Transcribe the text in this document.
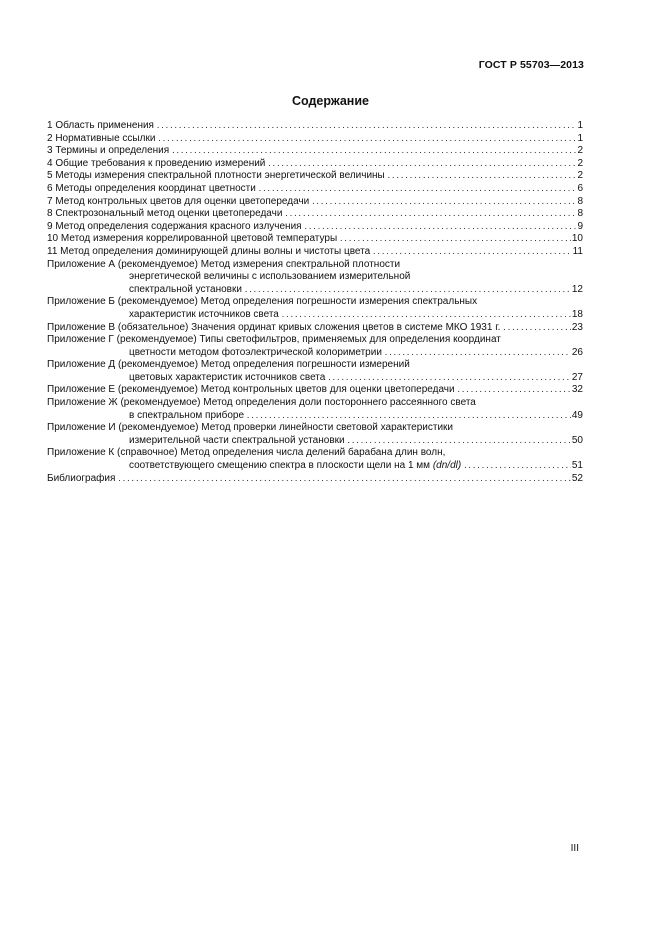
ГОСТ Р 55703—2013
Содержание
1 Область применения .....	1
2 Нормативные ссылки .....	1
3 Термины и определения .....	2
4 Общие требования к проведению измерений .....	2
5 Методы измерения спектральной плотности энергетической величины .....	2
6 Методы определения координат цветности .....	6
7 Метод контрольных цветов для оценки цветопередачи .....	8
8 Спектрозональный метод оценки цветопередачи .....	8
9 Метод определения содержания красного излучения .....	9
10 Метод измерения коррелированной цветовой температуры .....	10
11 Метод определения доминирующей длины волны и чистоты цвета .....	11
Приложение А (рекомендуемое) Метод измерения спектральной плотности
энергетической величины с использованием измерительной
спектральной установки .....	12
Приложение Б (рекомендуемое) Метод определения погрешности измерения спектральных
характеристик источников света .....	18
Приложение В (обязательное) Значения ординат кривых сложения цветов в системе МКО 1931 г. .....	23
Приложение Г (рекомендуемое) Типы светофильтров, применяемых для определения координат
цветности методом фотоэлектрической колориметрии .....	26
Приложение Д (рекомендуемое) Метод определения погрешности измерений
цветовых характеристик источников света .....	27
Приложение Е (рекомендуемое) Метод контрольных цветов для оценки цветопередачи .....	32
Приложение Ж (рекомендуемое) Метод определения доли постороннего рассеянного света
в спектральном приборе .....	49
Приложение И (рекомендуемое) Метод проверки линейности световой характеристики
измерительной части спектральной установки .....	50
Приложение К (справочное) Метод определения числа делений барабана длин волн,
соответствующего смещению спектра в плоскости щели на 1 мм (dn/dl) .....	51
Библиография .....	52
III
